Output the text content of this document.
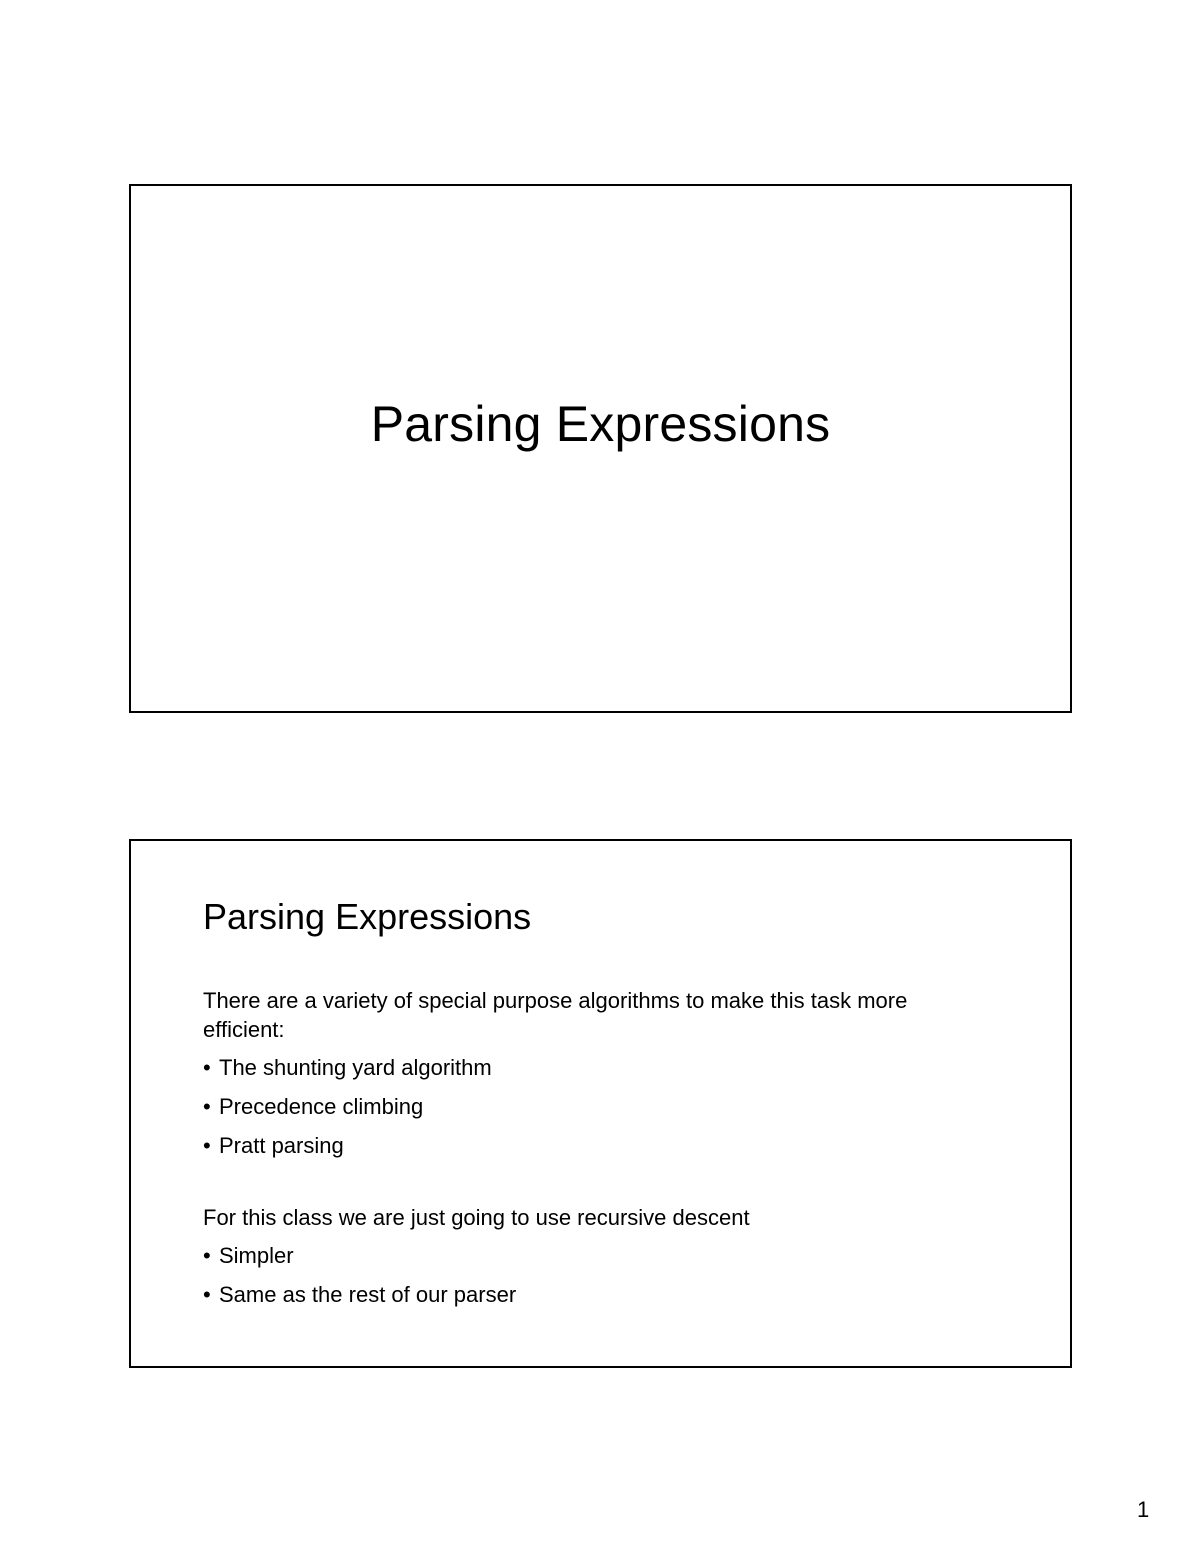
Parsing Expressions
Parsing Expressions

There are a variety of special purpose algorithms to make this task more efficient:

• The shunting yard algorithm
• Precedence climbing
• Pratt parsing

For this class we are just going to use recursive descent

• Simpler
• Same as the rest of our parser

1
